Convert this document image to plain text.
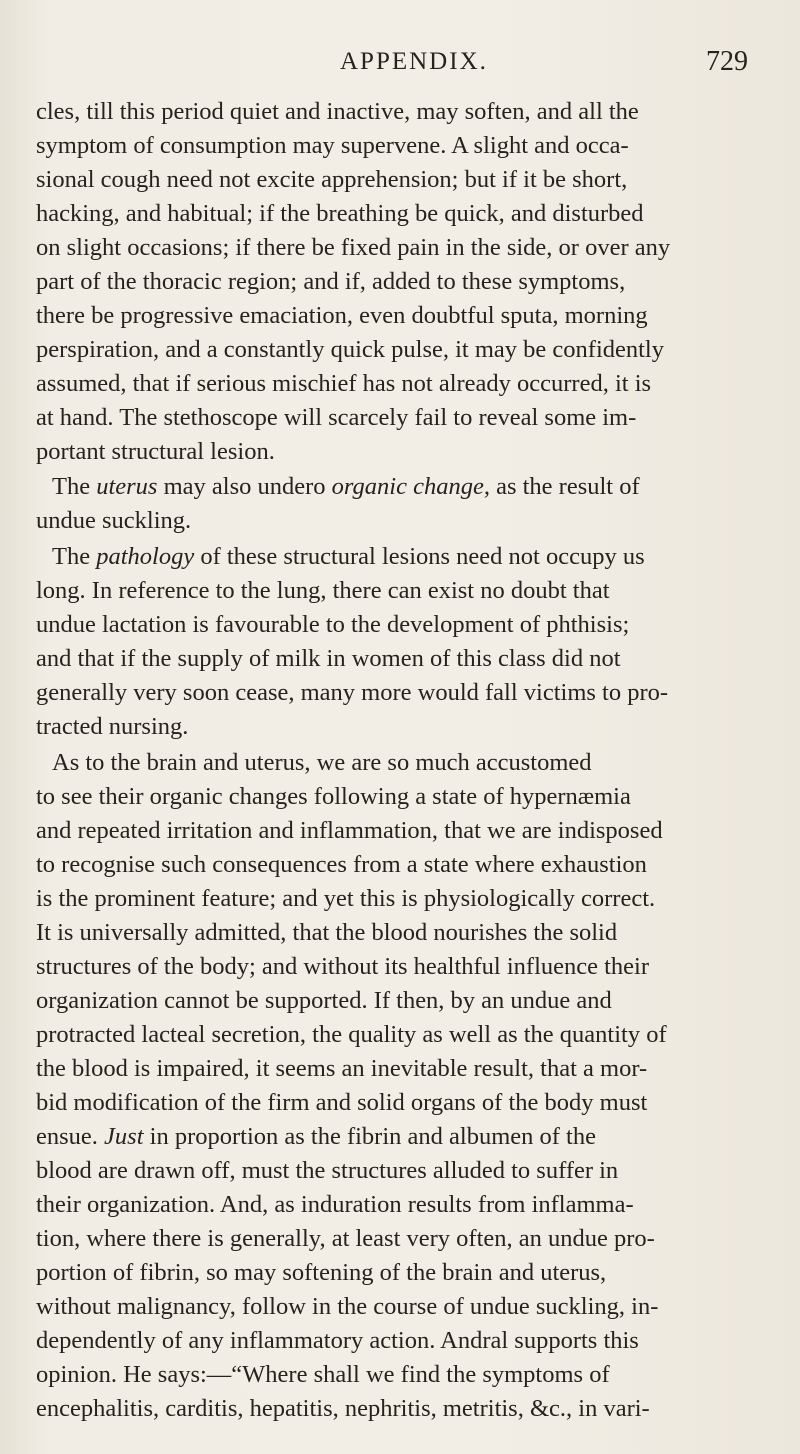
APPENDIX.	729
cles, till this period quiet and inactive, may soften, and all the
symptom of consumption may supervene. A slight and occa-
sional cough need not excite apprehension; but if it be short,
hacking, and habitual; if the breathing be quick, and disturbed
on slight occasions; if there be fixed pain in the side, or over any
part of the thoracic region; and if, added to these symptoms,
there be progressive emaciation, even doubtful sputa, morning
perspiration, and a constantly quick pulse, it may be confidently
assumed, that if serious mischief has not already occurred, it is
at hand. The stethoscope will scarcely fail to reveal some im-
portant structural lesion.
The uterus may also undero organic change, as the result of
undue suckling.
The pathology of these structural lesions need not occupy us
long. In reference to the lung, there can exist no doubt that
undue lactation is favourable to the development of phthisis;
and that if the supply of milk in women of this class did not
generally very soon cease, many more would fall victims to pro-
tracted nursing.
As to the brain and uterus, we are so much accustomed
to see their organic changes following a state of hypernæmia
and repeated irritation and inflammation, that we are indisposed
to recognise such consequences from a state where exhaustion
is the prominent feature; and yet this is physiologically correct.
It is universally admitted, that the blood nourishes the solid
structures of the body; and without its healthful influence their
organization cannot be supported. If then, by an undue and
protracted lacteal secretion, the quality as well as the quantity of
the blood is impaired, it seems an inevitable result, that a mor-
bid modification of the firm and solid organs of the body must
ensue. Just in proportion as the fibrin and albumen of the
blood are drawn off, must the structures alluded to suffer in
their organization. And, as induration results from inflamma-
tion, where there is generally, at least very often, an undue pro-
portion of fibrin, so may softening of the brain and uterus,
without malignancy, follow in the course of undue suckling, in-
dependently of any inflammatory action. Andral supports this
opinion. He says:—“Where shall we find the symptoms of
encephalitis, carditis, hepatitis, nephritis, metritis, &c., in vari-
